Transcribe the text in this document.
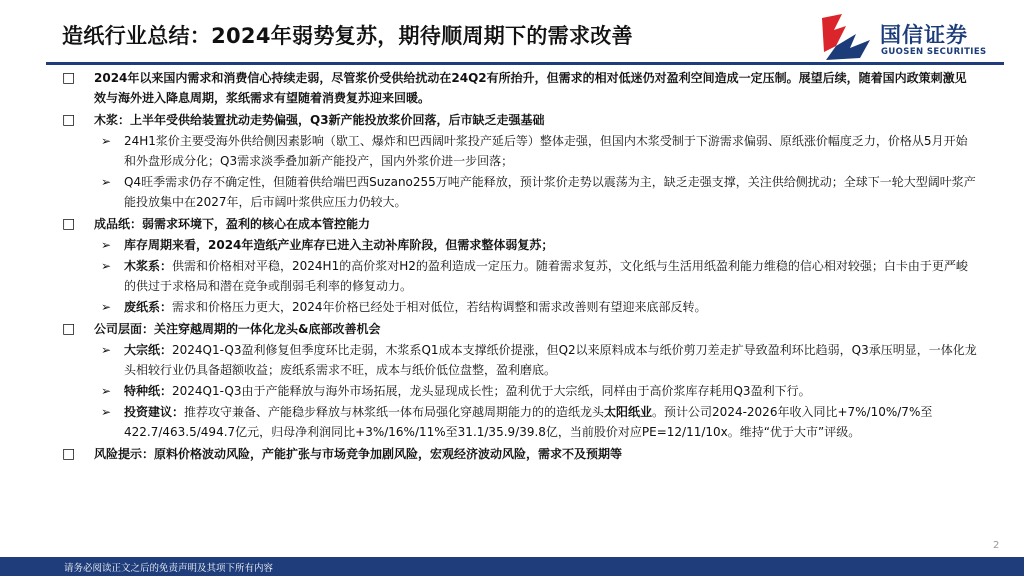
造纸行业总结：2024年弱势复苏，期待顺周期下的需求改善	国信证券
GUOSEN SECURITIES
□ 2024年以来国内需求和消费信心持续走弱，尽管浆价受供给扰动在24Q2有所抬升，但需求的相对低迷仍对盈利空间造成一定压制。展望后续，随着国内政策刺激见效与海外进入降息周期，浆纸需求有望随着消费复苏迎来回暖。
□ 木浆：上半年受供给装置扰动走势偏强，Q3新产能投放浆价回落，后市缺乏走强基础
➢ 24H1浆价主要受海外供给侧因素影响（歇工、爆炸和巴西阔叶浆投产延后等）整体走强，但国内木浆受制于下游需求偏弱、原纸涨价幅度乏力，价格从5月开始和外盘形成分化；Q3需求淡季叠加新产能投产，国内外浆价进一步回落；
➢ Q4旺季需求仍存不确定性，但随着供给端巴西Suzano255万吨产能释放，预计浆价走势以震荡为主，缺乏走强支撑，关注供给侧扰动；全球下一轮大型阔叶浆产能投放集中在2027年，后市阔叶浆供应压力仍较大。
□ 成品纸：弱需求环境下，盈利的核心在成本管控能力
➢ 库存周期来看，2024年造纸产业库存已进入主动补库阶段，但需求整体弱复苏；
➢ 木浆系：供需和价格相对平稳，2024H1的高价浆对H2的盈利造成一定压力。随着需求复苏，文化纸与生活用纸盈利能力维稳的信心相对较强；白卡由于更严峻的供过于求格局和潜在竞争或削弱毛利率的修复动力。
➢ 废纸系：需求和价格压力更大，2024年价格已经处于相对低位，若结构调整和需求改善则有望迎来底部反转。
□ 公司层面：关注穿越周期的一体化龙头&底部改善机会
➢ 大宗纸：2024Q1-Q3盈利修复但季度环比走弱，木浆系Q1成本支撑纸价提涨，但Q2以来原料成本与纸价剪刀差走扩导致盈利环比趋弱，Q3承压明显，一体化龙头相较行业仍具备超额收益；废纸系需求不旺，成本与纸价低位盘整，盈利磨底。
➢ 特种纸：2024Q1-Q3由于产能释放与海外市场拓展，龙头显现成长性；盈利优于大宗纸，同样由于高价浆库存耗用Q3盈利下行。
➢ 投资建议：推荐攻守兼备、产能稳步释放与林浆纸一体布局强化穿越周期能力的的造纸龙头太阳纸业。预计公司2024-2026年收入同比+7%/10%/7%至422.7/463.5/494.7亿元，归母净利润同比+3%/16%/11%至31.1/35.9/39.8亿，当前股价对应PE=12/11/10x。维持“优于大市”评级。
□ 风险提示：原料价格波动风险，产能扩张与市场竞争加剧风险，宏观经济波动风险，需求不及预期等
2
请务必阅读正文之后的免责声明及其项下所有内容
